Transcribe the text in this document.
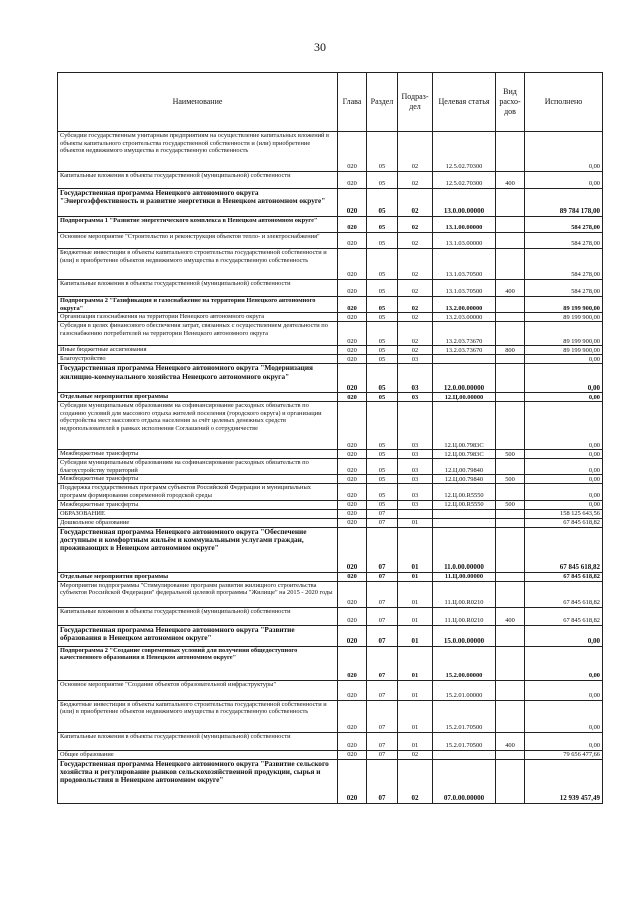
30
Наименование	Глава	Раздел	Подраз-дел	Целевая статья	Вид расхо-дов	Исполнено
Субсидии государственным унитарным предприятиям на осуществление капитальных вложений в объекты капитального строительства государственной собственности и (или) приобретение объектов недвижимого имущества в государственную собственность	020	05	02	12.5.02.70300		0,00
Капитальные вложения в объекты государственной (муниципальной) собственности	020	05	02	12.5.02.70300	400	0,00
Государственная программа Ненецкого автономного округа "Энергоэффективность и развитие энергетики в Ненецком автономном округе"	020	05	02	13.0.00.00000		89 784 178,00
Подпрограмма 1 "Развитие энергетического комплекса в Ненецком автономном округе"	020	05	02	13.1.00.00000		584 278,00
Основное мероприятие "Строительство и реконструкция объектов тепло- и электроснабжения"	020	05	02	13.1.03.00000		584 278,00
Бюджетные инвестиции в объекты капитального строительства государственной собственности и (или) в приобретение объектов недвижимого имущества в государственную собственность	020	05	02	13.1.03.70500		584 278,00
Капитальные вложения в объекты государственной (муниципальной) собственности	020	05	02	13.1.03.70500	400	584 278,00
Подпрограмма 2 "Газификация и газоснабжение на территории Ненецкого автономного округа"	020	05	02	13.2.00.00000		89 199 900,00
Организация газоснабжения на территории Ненецкого автономного округа	020	05	02	13.2.03.00000		89 199 900,00
Субсидия в целях финансового обеспечения затрат, связанных с осуществлением деятельности по газоснабжению потребителей на территории Ненецкого автономного округа	020	05	02	13.2.03.73670		89 199 900,00
Иные бюджетные ассигнования	020	05	02	13.2.03.73670	800	89 199 900,00
Благоустройство	020	05	03			0,00
Государственная программа Ненецкого автономного округа "Модернизация жилищно-коммунального хозяйства Ненецкого автономного округа"	020	05	03	12.0.00.00000		0,00
Отдельные мероприятия программы	020	05	03	12.Ц.00.00000		0,00
Субсидии муниципальным образованиям на софинансирование расходных обязательств по созданию условий для массового отдыха жителей поселения (городского округа) и организации обустройства мест массового отдыха населения за счёт целевых денежных средств недропользователей в рамках исполнения Соглашений о сотрудничестве	020	05	03	12.Ц.00.7983С		0,00
Межбюджетные трансферты	020	05	03	12.Ц.00.7983С	500	0,00
Субсидии муниципальным образованиям на софинансирование расходных обязательств по благоустройству территорий	020	05	03	12.Ц.00.79840		0,00
Межбюджетные трансферты	020	05	03	12.Ц.00.79840	500	0,00
Поддержка государственных программ субъектов Российской Федерации и муниципальных программ формирования современной городской среды	020	05	03	12.Ц.00.R5550		0,00
Межбюджетные трансферты	020	05	03	12.Ц.00.R5550	500	0,00
ОБРАЗОВАНИЕ	020	07				158 125 643,56
Дошкольное образование	020	07	01			67 845 618,82
Государственная программа Ненецкого автономного округа "Обеспечение доступным и комфортным жильём и коммунальными услугами граждан, проживающих в Ненецком автономном округе"	020	07	01	11.0.00.00000		67 845 618,82
Отдельные мероприятия программы	020	07	01	11.Ц.00.00000		67 845 618,82
Мероприятия подпрограммы "Стимулирование программ развития жилищного строительства субъектов Российской Федерации" федеральной целевой программы "Жилище" на 2015 - 2020 годы	020	07	01	11.Ц.00.R0210		67 845 618,82
Капитальные вложения в объекты государственной (муниципальной) собственности	020	07	01	11.Ц.00.R0210	400	67 845 618,82
Государственная программа Ненецкого автономного округа "Развитие образования в Ненецком автономном округе"	020	07	01	15.0.00.00000		0,00
Подпрограмма 2 "Создание современных условий для получения общедоступного качественного образования в Ненецком автономном округе"	020	07	01	15.2.00.00000		0,00
Основное мероприятие "Создание объектов образовательной инфраструктуры"	020	07	01	15.2.01.00000		0,00
Бюджетные инвестиции в объекты капитального строительства государственной собственности и (или) в приобретение объектов недвижимого имущества в государственную собственность	020	07	01	15.2.01.70500		0,00
Капитальные вложения в объекты государственной (муниципальной) собственности	020	07	01	15.2.01.70500	400	0,00
Общее образование	020	07	02			79 656 477,66
Государственная программа Ненецкого автономного округа "Развитие сельского хозяйства и регулирование рынков сельскохозяйственной продукции, сырья и продовольствия в Ненецком автономном округе"	020	07	02	07.0.00.00000		12 939 457,49
